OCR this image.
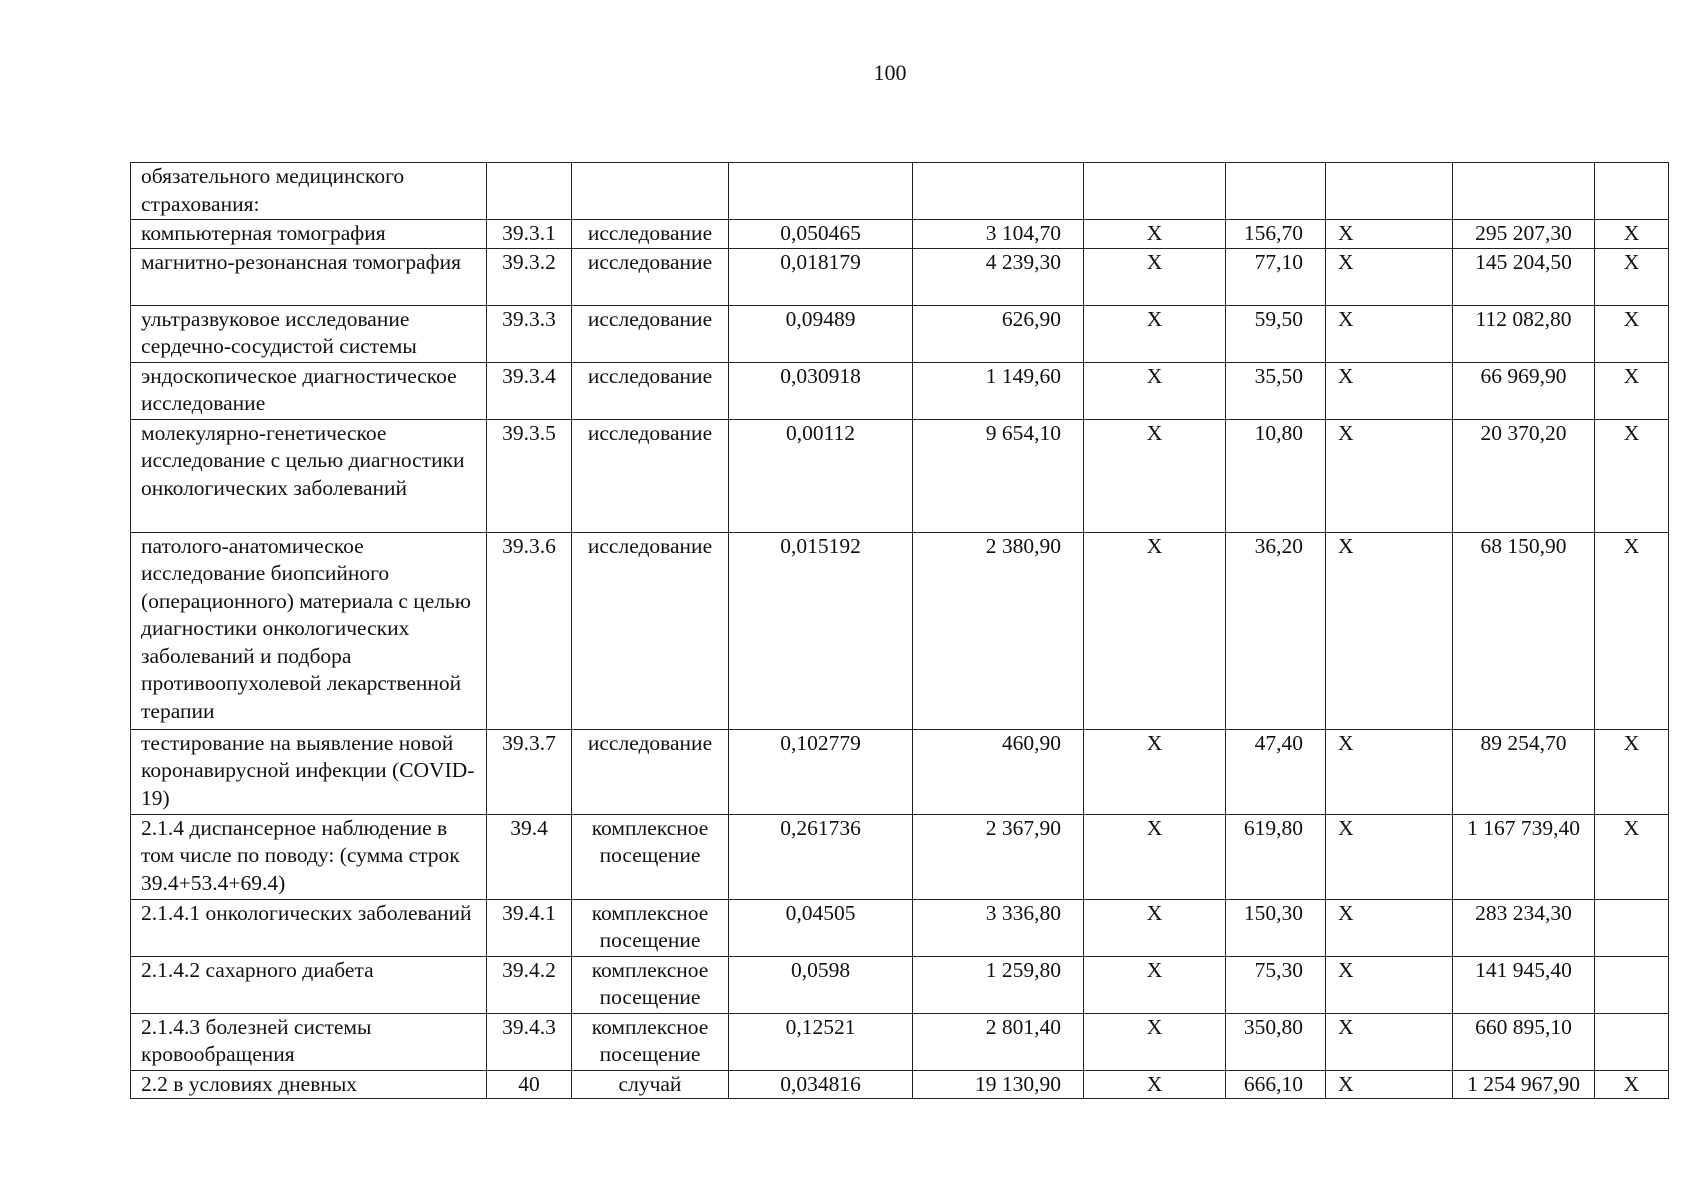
100
обязательного медицинского страхования:									
компьютерная томография	39.3.1	исследование	0,050465	3 104,70	Х	156,70	Х	295 207,30	Х
магнитно-резонансная томография	39.3.2	исследование	0,018179	4 239,30	Х	77,10	Х	145 204,50	Х
ультразвуковое исследование сердечно-сосудистой системы	39.3.3	исследование	0,09489	626,90	Х	59,50	Х	112 082,80	Х
эндоскопическое диагностическое исследование	39.3.4	исследование	0,030918	1 149,60	Х	35,50	Х	66 969,90	Х
молекулярно-генетическое исследование с целью диагностики онкологических заболеваний	39.3.5	исследование	0,00112	9 654,10	Х	10,80	Х	20 370,20	Х
патолого-анатомическое исследование биопсийного (операционного) материала с целью диагностики онкологических заболеваний и подбора противоопухолевой лекарственной терапии	39.3.6	исследование	0,015192	2 380,90	Х	36,20	Х	68 150,90	Х
тестирование на выявление новой коронавирусной инфекции (COVID-19)	39.3.7	исследование	0,102779	460,90	Х	47,40	Х	89 254,70	Х
2.1.4 диспансерное наблюдение в том числе по поводу: (сумма строк 39.4+53.4+69.4)	39.4	комплексное посещение	0,261736	2 367,90	Х	619,80	Х	1 167 739,40	Х
2.1.4.1 онкологических заболеваний	39.4.1	комплексное посещение	0,04505	3 336,80	Х	150,30	Х	283 234,30	
2.1.4.2 сахарного диабета	39.4.2	комплексное посещение	0,0598	1 259,80	Х	75,30	Х	141 945,40	
2.1.4.3 болезней системы кровообращения	39.4.3	комплексное посещение	0,12521	2 801,40	Х	350,80	Х	660 895,10	
2.2 в условиях дневных	40	случай	0,034816	19 130,90	Х	666,10	Х	1 254 967,90	Х
